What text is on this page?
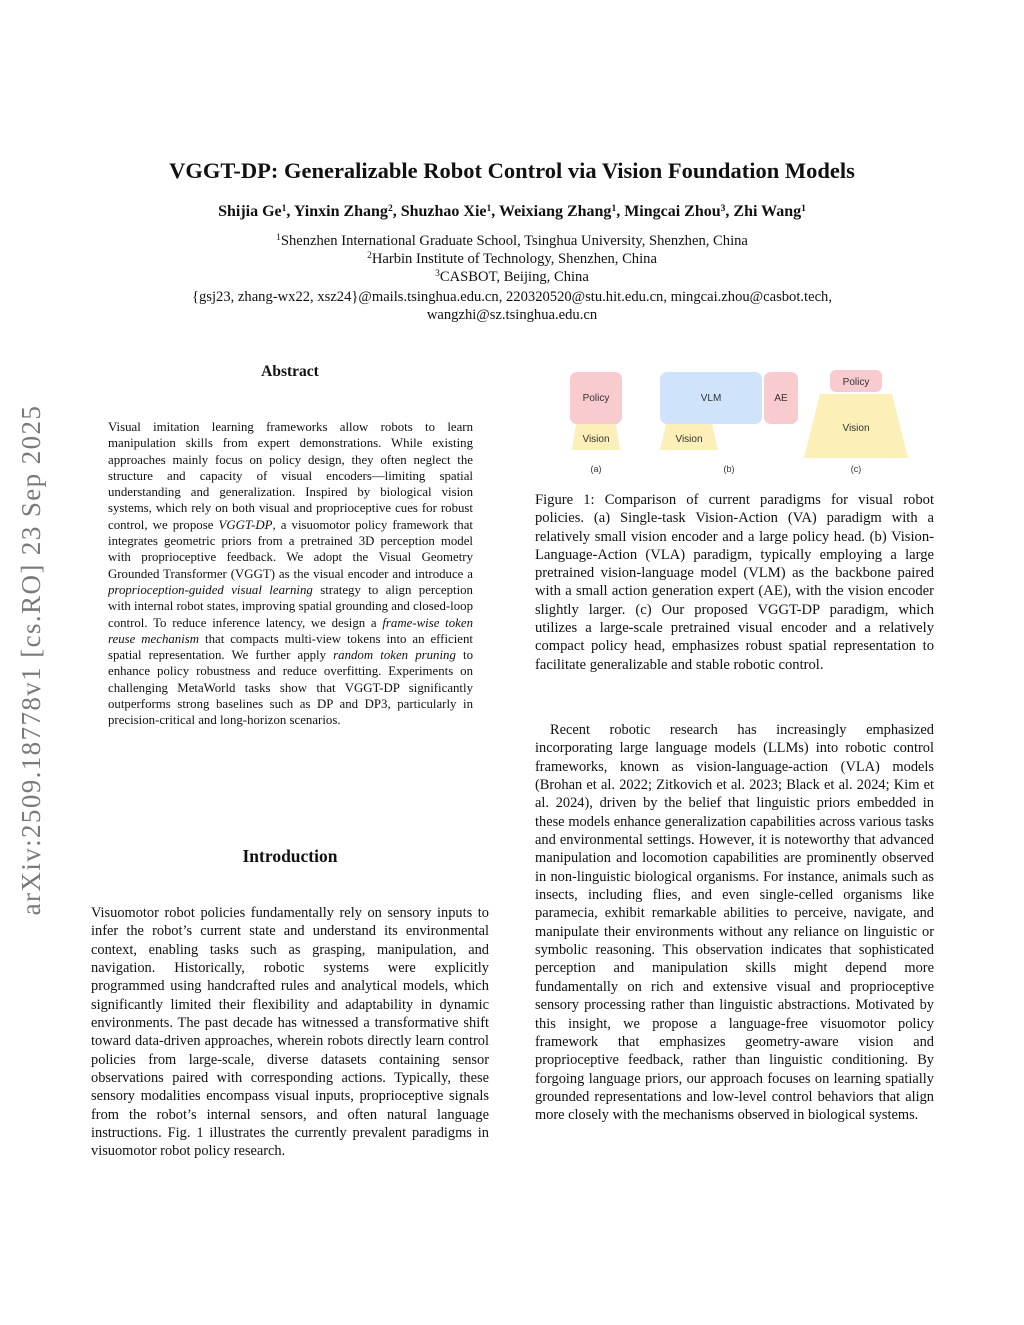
arXiv:2509.18778v1 [cs.RO] 23 Sep 2025
VGGT-DP: Generalizable Robot Control via Vision Foundation Models
Shijia Ge$^1$, Yinxin Zhang$^2$, Shuzhao Xie$^1$, Weixiang Zhang$^1$, Mingcai Zhou$^3$, Zhi Wang$^1$
$^1$Shenzhen International Graduate School, Tsinghua University, Shenzhen, China
$^2$Harbin Institute of Technology, Shenzhen, China
$^3$CASBOT, Beijing, China
{gsj23, zhang-wx22, xsz24}@mails.tsinghua.edu.cn, 220320520@stu.hit.edu.cn, mingcai.zhou@casbot.tech,
wangzhi@sz.tsinghua.edu.cn
Abstract
Visual imitation learning frameworks allow robots to learn manipulation skills from expert demonstrations. While existing approaches mainly focus on policy design, they often neglect the structure and capacity of visual encoders—limiting spatial understanding and generalization. Inspired by biological vision systems, which rely on both visual and proprioceptive cues for robust control, we propose VGGT-DP, a visuomotor policy framework that integrates geometric priors from a pretrained 3D perception model with proprioceptive feedback. We adopt the Visual Geometry Grounded Transformer (VGGT) as the visual encoder and introduce a proprioception-guided visual learning strategy to align perception with internal robot states, improving spatial grounding and closed-loop control. To reduce inference latency, we design a frame-wise token reuse mechanism that compacts multi-view tokens into an efficient spatial representation. We further apply random token pruning to enhance policy robustness and reduce overfitting. Experiments on challenging MetaWorld tasks show that VGGT-DP significantly outperforms strong baselines such as DP and DP3, particularly in precision-critical and long-horizon scenarios.
Introduction
Visuomotor robot policies fundamentally rely on sensory inputs to infer the robot’s current state and understand its environmental context, enabling tasks such as grasping, manipulation, and navigation. Historically, robotic systems were explicitly programmed using handcrafted rules and analytical models, which significantly limited their flexibility and adaptability in dynamic environments. The past decade has witnessed a transformative shift toward data-driven approaches, wherein robots directly learn control policies from large-scale, diverse datasets containing sensor observations paired with corresponding actions. Typically, these sensory modalities encompass visual inputs, proprioceptive signals from the robot’s internal sensors, and often natural language instructions. Fig. 1 illustrates the currently prevalent paradigms in visuomotor robot policy research.
Policy
Vision
(a)
VLM	AE
Vision
(b)
Policy
Vision
(c)
Figure 1: Comparison of current paradigms for visual robot policies. (a) Single-task Vision-Action (VA) paradigm with a relatively small vision encoder and a large policy head. (b) Vision-Language-Action (VLA) paradigm, typically employing a large pretrained vision-language model (VLM) as the backbone paired with a small action generation expert (AE), with the vision encoder slightly larger. (c) Our proposed VGGT-DP paradigm, which utilizes a large-scale pretrained visual encoder and a relatively compact policy head, emphasizes robust spatial representation to facilitate generalizable and stable robotic control.
Recent robotic research has increasingly emphasized incorporating large language models (LLMs) into robotic control frameworks, known as vision-language-action (VLA) models (Brohan et al. 2022; Zitkovich et al. 2023; Black et al. 2024; Kim et al. 2024), driven by the belief that linguistic priors embedded in these models enhance generalization capabilities across various tasks and environmental settings. However, it is noteworthy that advanced manipulation and locomotion capabilities are prominently observed in non-linguistic biological organisms. For instance, animals such as insects, including flies, and even single-celled organisms like paramecia, exhibit remarkable abilities to perceive, navigate, and manipulate their environments without any reliance on linguistic or symbolic reasoning. This observation indicates that sophisticated perception and manipulation skills might depend more fundamentally on rich and extensive visual and proprioceptive sensory processing rather than linguistic abstractions. Motivated by this insight, we propose a language-free visuomotor policy framework that emphasizes geometry-aware vision and proprioceptive feedback, rather than linguistic conditioning. By forgoing language priors, our approach focuses on learning spatially grounded representations and low-level control behaviors that align more closely with the mechanisms observed in biological systems.
